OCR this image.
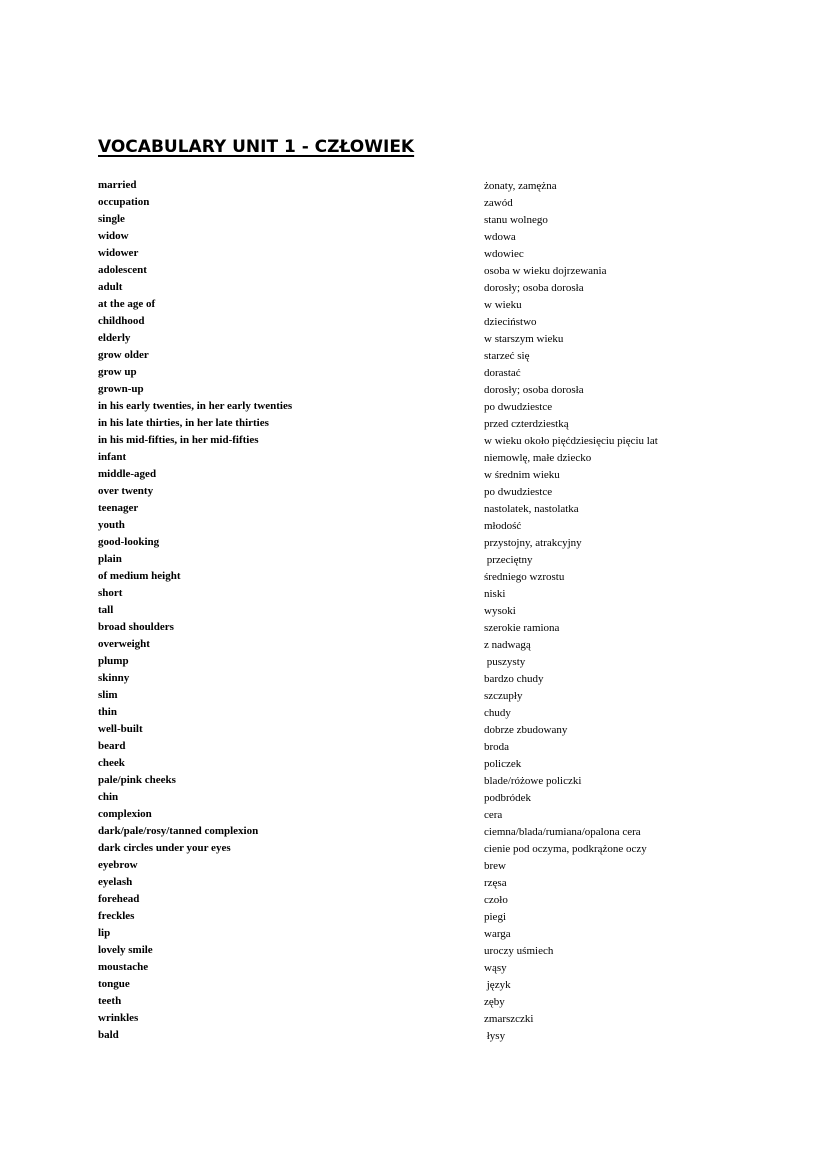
VOCABULARY UNIT 1 - CZŁOWIEK
married	żonaty, zamężna
occupation	zawód
single	stanu wolnego
widow	wdowa
widower	wdowiec
adolescent	osoba w wieku dojrzewania
adult	dorosły; osoba dorosła
at the age of	w wieku
childhood	dzieciństwo
elderly	w starszym wieku
grow older	starzeć się
grow up	dorastać
grown-up	dorosły; osoba dorosła
in his early twenties, in her early twenties	po dwudziestce
in his late thirties, in her late thirties	przed czterdziestką
in his mid-fifties, in her mid-fifties	w wieku około pięćdziesięciu pięciu lat
infant	niemowlę, małe dziecko
middle-aged	w średnim wieku
over twenty	po dwudziestce
teenager	nastolatek, nastolatka
youth	młodość
good-looking	przystojny, atrakcyjny
plain	przeciętny
of medium height	średniego wzrostu
short	niski
tall	wysoki
broad shoulders	szerokie ramiona
overweight	z nadwagą
plump	puszysty
skinny	bardzo chudy
slim	szczupły
thin	chudy
well-built	dobrze zbudowany
beard	broda
cheek	policzek
pale/pink cheeks	blade/różowe policzki
chin	podbródek
complexion	cera
dark/pale/rosy/tanned complexion	ciemna/blada/rumiana/opalona cera
dark circles under your eyes	cienie pod oczyma, podkrążone oczy
eyebrow	brew
eyelash	rzęsa
forehead	czoło
freckles	piegi
lip	warga
lovely smile	uroczy uśmiech
moustache	wąsy
tongue	język
teeth	zęby
wrinkles	zmarszczki
bald	łysy
